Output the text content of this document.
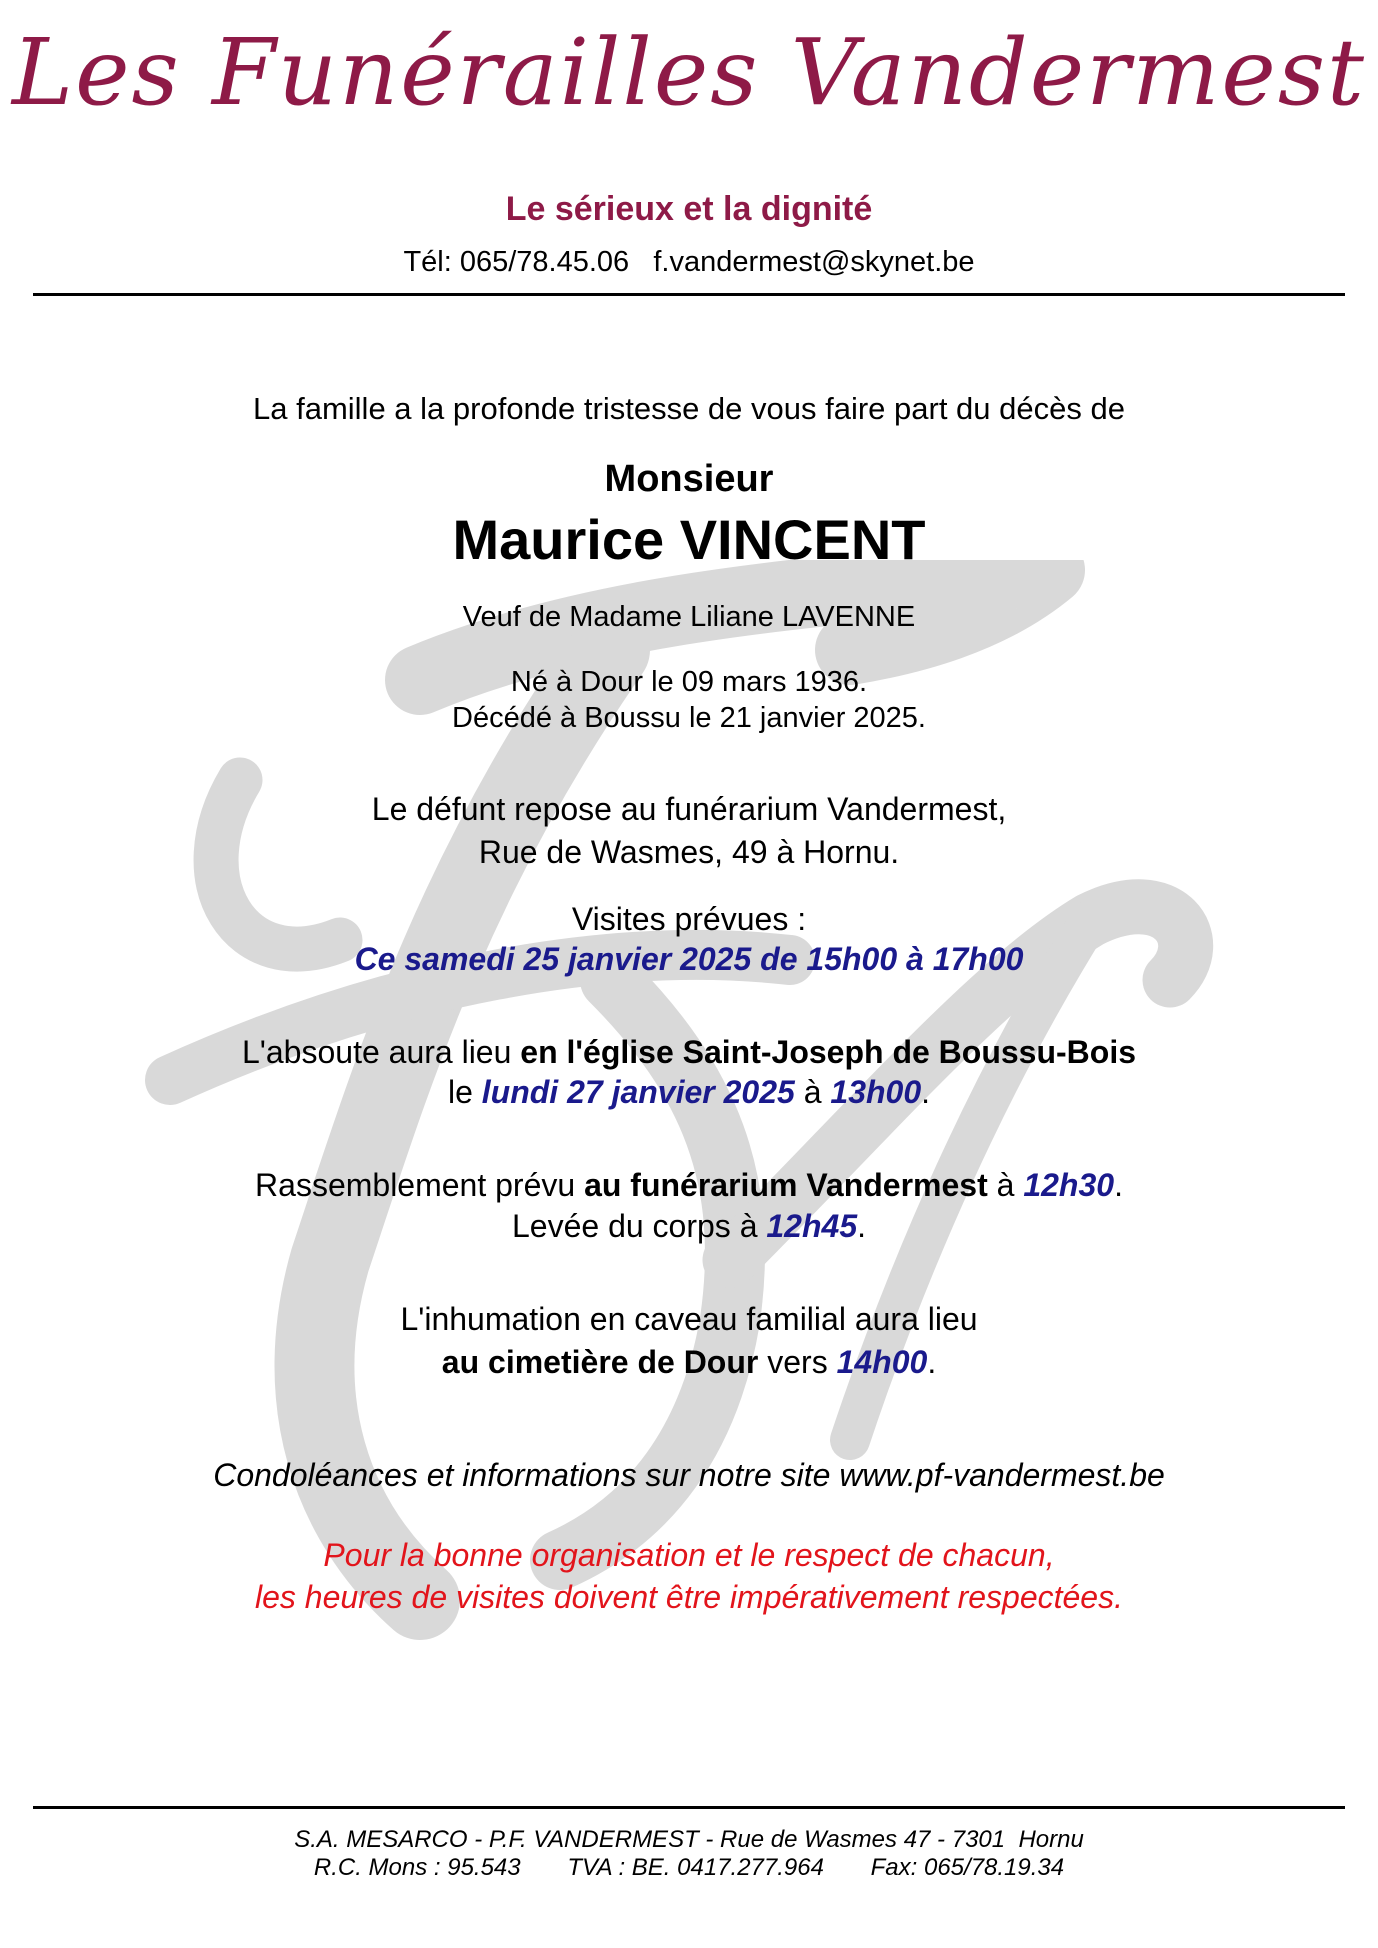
Les Funérailles Vandermest
Le sérieux et la dignité
Tél: 065/78.45.06 f.vandermest@skynet.be
La famille a la profonde tristesse de vous faire part du décès de
Monsieur
Maurice VINCENT
Veuf de Madame Liliane LAVENNE
Né à Dour le 09 mars 1936.
Décédé à Boussu le 21 janvier 2025.
Le défunt repose au funérarium Vandermest,
Rue de Wasmes, 49 à Hornu.
Visites prévues :
Ce samedi 25 janvier 2025 de 15h00 à 17h00
L'absoute aura lieu en l'église Saint-Joseph de Boussu-Bois
le lundi 27 janvier 2025 à 13h00.
Rassemblement prévu au funérarium Vandermest à 12h30.
Levée du corps à 12h45.
L'inhumation en caveau familial aura lieu
au cimetière de Dour vers 14h00.
Condoléances et informations sur notre site www.pf-vandermest.be
Pour la bonne organisation et le respect de chacun,
les heures de visites doivent être impérativement respectées.
S.A. MESARCO - P.F. VANDERMEST - Rue de Wasmes 47 - 7301  Hornu
R.C. Mons : 95.543 TVA : BE. 0417.277.964 Fax: 065/78.19.34
